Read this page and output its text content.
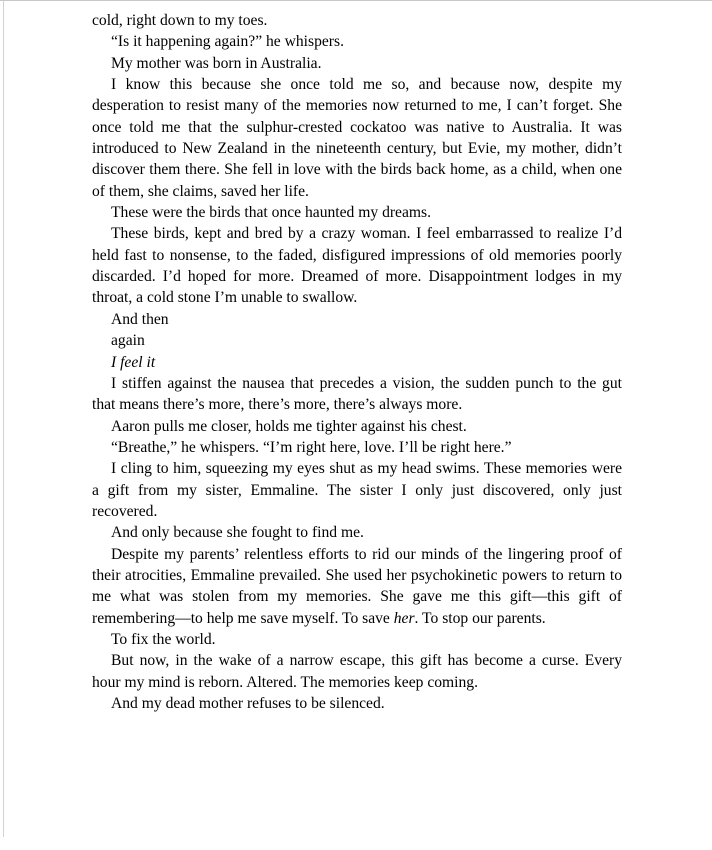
cold, right down to my toes.

“Is it happening again?” he whispers.

My mother was born in Australia.

I know this because she once told me so, and because now, despite my desperation to resist many of the memories now returned to me, I can’t forget. She once told me that the sulphur-crested cockatoo was native to Australia. It was introduced to New Zealand in the nineteenth century, but Evie, my mother, didn’t discover them there. She fell in love with the birds back home, as a child, when one of them, she claims, saved her life.

These were the birds that once haunted my dreams.

These birds, kept and bred by a crazy woman. I feel embarrassed to realize I’d held fast to nonsense, to the faded, disfigured impressions of old memories poorly discarded. I’d hoped for more. Dreamed of more. Disappointment lodges in my throat, a cold stone I’m unable to swallow.

And then

again

I feel it

I stiffen against the nausea that precedes a vision, the sudden punch to the gut that means there’s more, there’s more, there’s always more.

Aaron pulls me closer, holds me tighter against his chest.

“Breathe,” he whispers. “I’m right here, love. I’ll be right here.”

I cling to him, squeezing my eyes shut as my head swims. These memories were a gift from my sister, Emmaline. The sister I only just discovered, only just recovered.

And only because she fought to find me.

Despite my parents’ relentless efforts to rid our minds of the lingering proof of their atrocities, Emmaline prevailed. She used her psychokinetic powers to return to me what was stolen from my memories. She gave me this gift—this gift of remembering—to help me save myself. To save her. To stop our parents.

To fix the world.

But now, in the wake of a narrow escape, this gift has become a curse. Every hour my mind is reborn. Altered. The memories keep coming.

And my dead mother refuses to be silenced.
